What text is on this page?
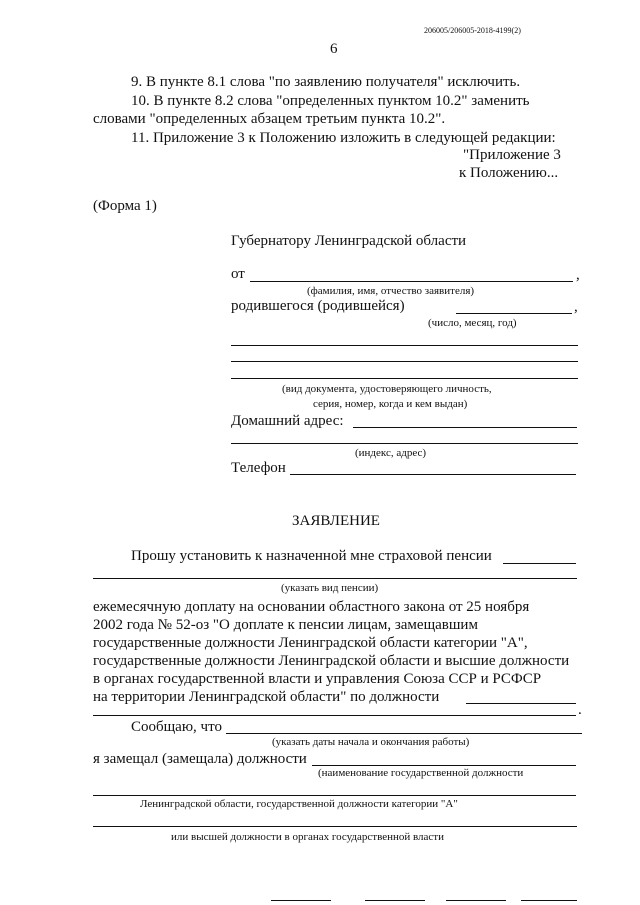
206005/206005-2018-4199(2)
6
9. В пункте 8.1 слова "по заявлению получателя" исключить.
10. В пункте 8.2 слова "определенных пунктом 10.2" заменить
словами "определенных абзацем третьим пункта 10.2".
11. Приложение 3 к Положению изложить в следующей редакции:
"Приложение 3
к Положению...
(Форма 1)
Губернатору Ленинградской области
от	,
(фамилия, имя, отчество заявителя)
родившегося (родившейся)	,
(число, месяц, год)
(вид документа, удостоверяющего личность,
серия, номер, когда и кем выдан)
Домашний адрес:
(индекс, адрес)
Телефон
ЗАЯВЛЕНИЕ
Прошу установить к назначенной мне страховой пенсии
(указать вид пенсии)
ежемесячную доплату на основании областного закона от 25 ноября
2002 года № 52-оз "О доплате к пенсии лицам, замещавшим
государственные должности Ленинградской области категории "А",
государственные должности Ленинградской области и высшие должности
в органах государственной власти и управления Союза ССР и РСФСР
на территории Ленинградской области" по должности
.
Сообщаю, что
(указать даты начала и окончания работы)
я замещал (замещала) должности
(наименование государственной должности
Ленинградской области, государственной должности категории "А"
или высшей должности в органах государственной власти
